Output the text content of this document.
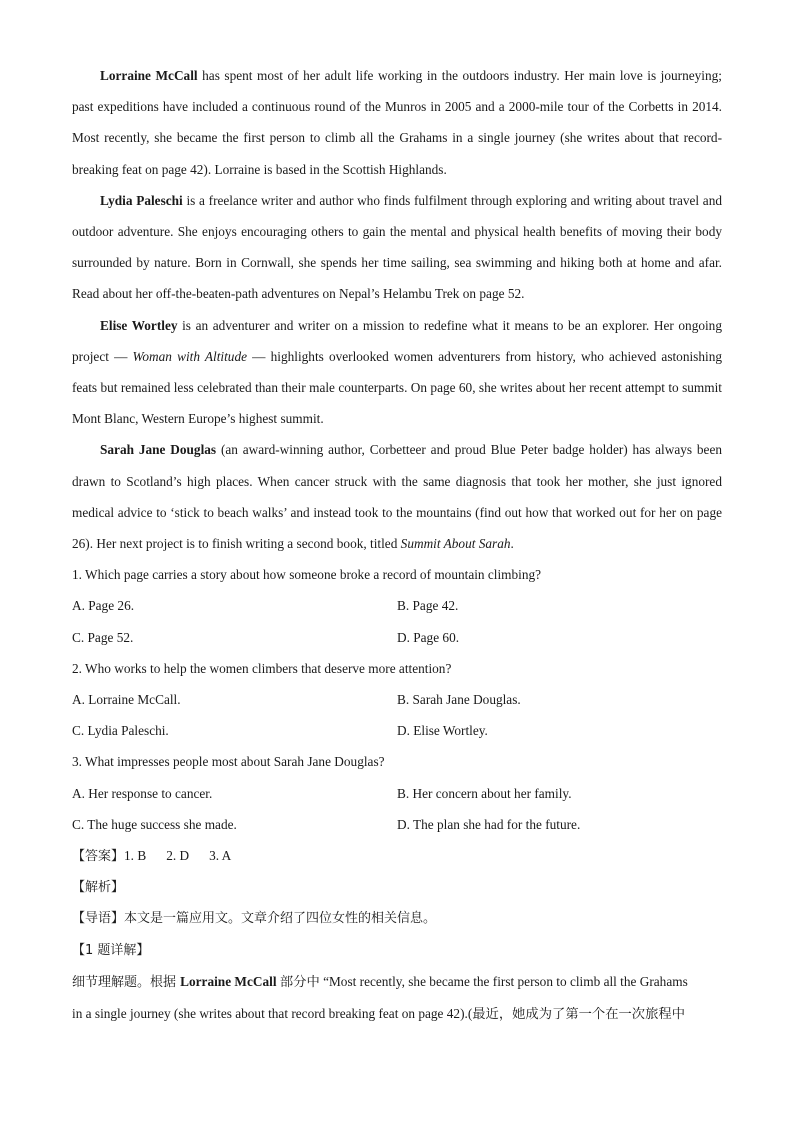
Lorraine McCall has spent most of her adult life working in the outdoors industry. Her main love is journeying; past expeditions have included a continuous round of the Munros in 2005 and a 2000-mile tour of the Corbetts in 2014. Most recently, she became the first person to climb all the Grahams in a single journey (she writes about that record-breaking feat on page 42). Lorraine is based in the Scottish Highlands.

Lydia Paleschi is a freelance writer and author who finds fulfilment through exploring and writing about travel and outdoor adventure. She enjoys encouraging others to gain the mental and physical health benefits of moving their body surrounded by nature. Born in Cornwall, she spends her time sailing, sea swimming and hiking both at home and afar. Read about her off-the-beaten-path adventures on Nepal’s Helambu Trek on page 52.

Elise Wortley is an adventurer and writer on a mission to redefine what it means to be an explorer. Her ongoing project — Woman with Altitude — highlights overlooked women adventurers from history, who achieved astonishing feats but remained less celebrated than their male counterparts. On page 60, she writes about her recent attempt to summit Mont Blanc, Western Europe’s highest summit.

Sarah Jane Douglas (an award-winning author, Corbetteer and proud Blue Peter badge holder) has always been drawn to Scotland’s high places. When cancer struck with the same diagnosis that took her mother, she just ignored medical advice to ‘stick to beach walks’ and instead took to the mountains (find out how that worked out for her on page 26). Her next project is to finish writing a second book, titled Summit About Sarah.

1. Which page carries a story about how someone broke a record of mountain climbing?

A. Page 26.	B. Page 42.
C. Page 52.	D. Page 60.

2. Who works to help the women climbers that deserve more attention?

A. Lorraine McCall.	B. Sarah Jane Douglas.
C. Lydia Paleschi.	D. Elise Wortley.

3. What impresses people most about Sarah Jane Douglas?

A. Her response to cancer.	B. Her concern about her family.
C. The huge success she made.	D. The plan she had for the future.

【答案】1. B 2. D 3. A

【解析】

【导语】本文是一篇应用文。文章介绍了四位女性的相关信息。

【1 题详解】

细节理解题。根据 Lorraine McCall 部分中 “Most recently, she became the first person to climb all the Grahams

in a single journey (she writes about that record breaking feat on page 42).(最近，她成为了第一个在一次旅程中
